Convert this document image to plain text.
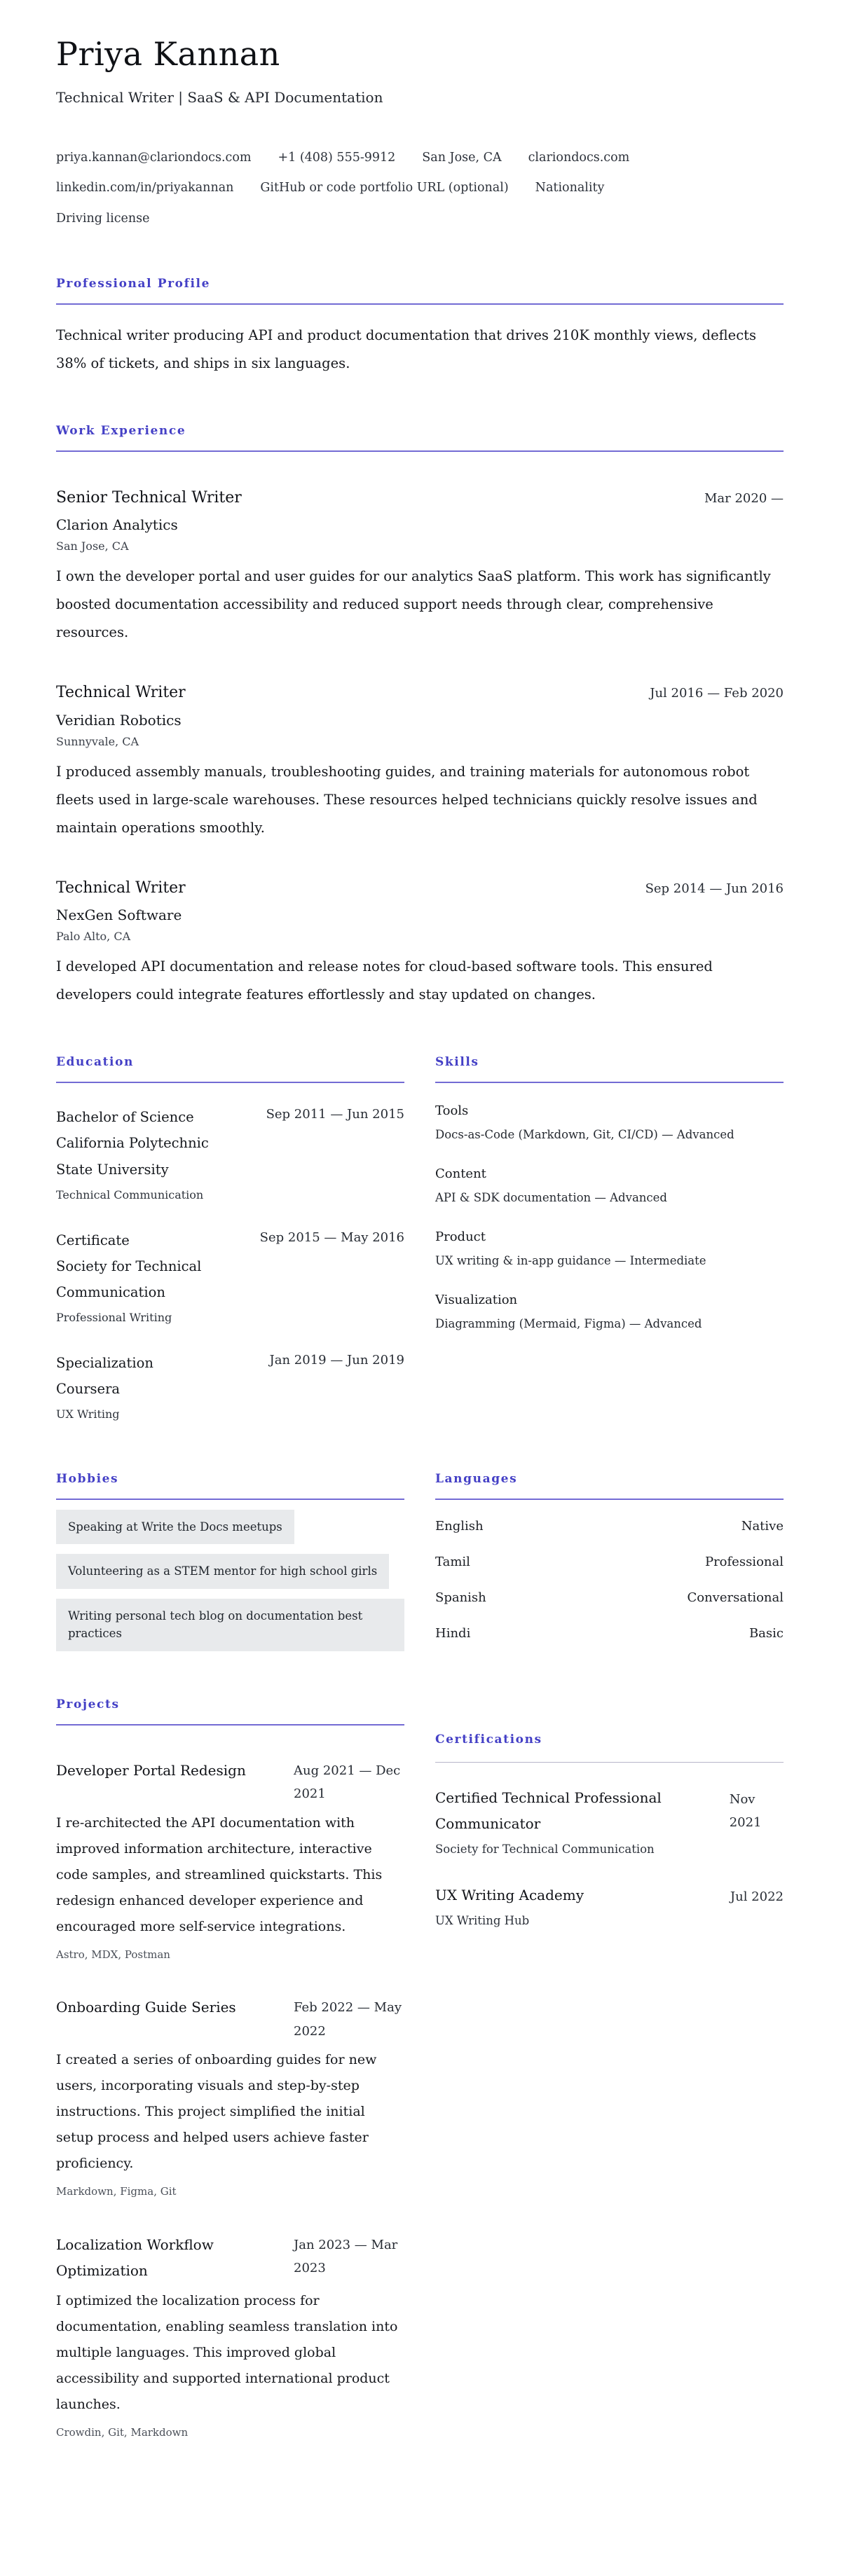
Priya Kannan
Technical Writer | SaaS & API Documentation
priya.kannan@clariondocs.com +1 (408) 555-9912 San Jose, CA clariondocs.com
linkedin.com/in/priyakannan GitHub or code portfolio URL (optional) Nationality
Driving license
Professional Profile
Technical writer producing API and product documentation that drives 210K monthly views, deflects 38% of tickets, and ships in six languages.
Work Experience
Senior Technical Writer	Mar 2020 —
Clarion Analytics
San Jose, CA
I own the developer portal and user guides for our analytics SaaS platform. This work has significantly boosted documentation accessibility and reduced support needs through clear, comprehensive resources.
Technical Writer	Jul 2016 — Feb 2020
Veridian Robotics
Sunnyvale, CA
I produced assembly manuals, troubleshooting guides, and training materials for autonomous robot fleets used in large-scale warehouses. These resources helped technicians quickly resolve issues and maintain operations smoothly.
Technical Writer	Sep 2014 — Jun 2016
NexGen Software
Palo Alto, CA
I developed API documentation and release notes for cloud-based software tools. This ensured developers could integrate features effortlessly and stay updated on changes.
Education
Bachelor of Science
California Polytechnic State University
Technical Communication
Sep 2011 — Jun 2015
Certificate
Society for Technical Communication
Professional Writing
Sep 2015 — May 2016
Specialization
Coursera
UX Writing
Jan 2019 — Jun 2019
Skills
Tools
Docs-as-Code (Markdown, Git, CI/CD) — Advanced
Content
API & SDK documentation — Advanced
Product
UX writing & in-app guidance — Intermediate
Visualization
Diagramming (Mermaid, Figma) — Advanced
Hobbies
Speaking at Write the Docs meetups
Volunteering as a STEM mentor for high school girls
Writing personal tech blog on documentation best practices
Languages
English	Native
Tamil	Professional
Spanish	Conversational
Hindi	Basic
Projects
Developer Portal Redesign	Aug 2021 — Dec 2021
I re-architected the API documentation with improved information architecture, interactive code samples, and streamlined quickstarts. This redesign enhanced developer experience and encouraged more self-service integrations.
Astro, MDX, Postman
Onboarding Guide Series	Feb 2022 — May 2022
I created a series of onboarding guides for new users, incorporating visuals and step-by-step instructions. This project simplified the initial setup process and helped users achieve faster proficiency.
Markdown, Figma, Git
Localization Workflow Optimization
Jan 2023 — Mar 2023
I optimized the localization process for documentation, enabling seamless translation into multiple languages. This improved global accessibility and supported international product launches.
Crowdin, Git, Markdown
Certifications
Certified Technical Professional Communicator
Society for Technical Communication
Nov 2021
UX Writing Academy
UX Writing Hub
Jul 2022
